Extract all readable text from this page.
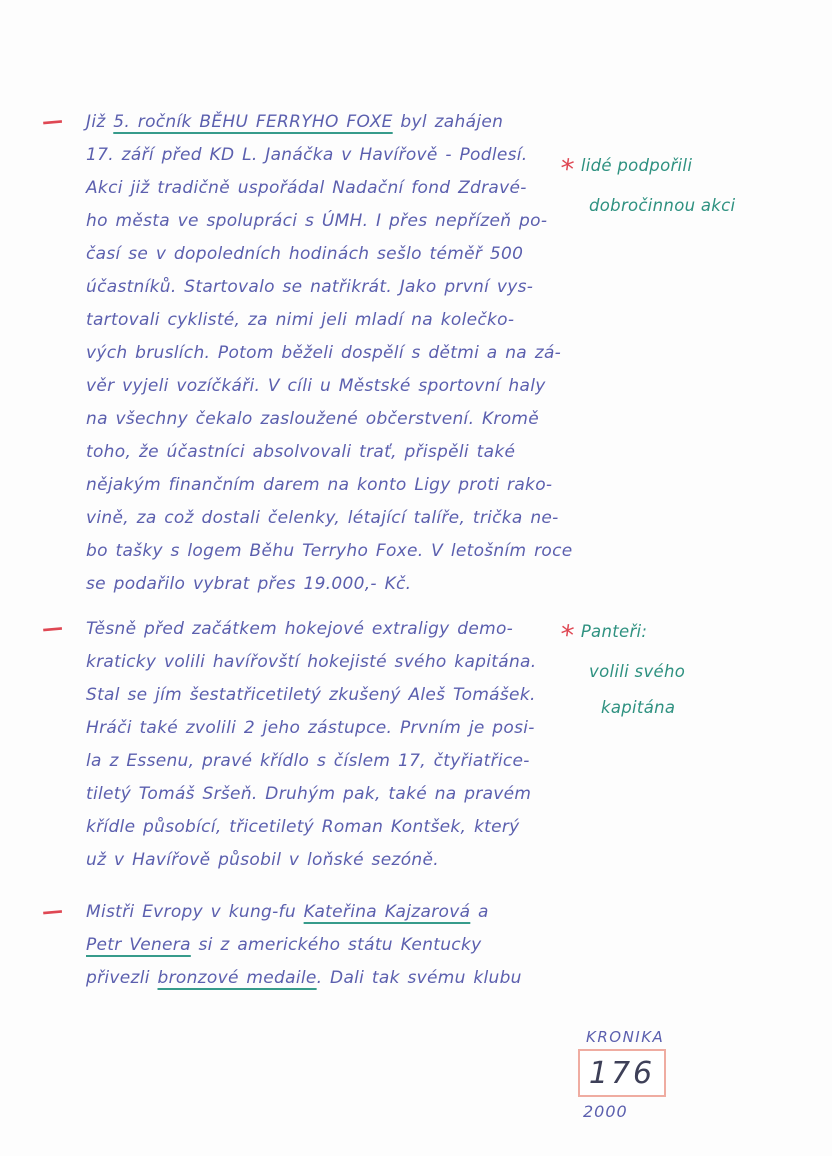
— Již 5. ročník BĚHU FERRYHO FOXE byl zahájen
17. září před KD L. Janáčka v Havířově - Podlesí.
Akci již tradičně uspořádal Nadační fond Zdravé-
ho města ve spolupráci s ÚMH. I přes nepřízeň po-
časí se v dopoledních hodinách sešlo téměř 500
účastníků. Startovalo se natřikrát. Jako první vys-
tartovali cyklisté, za nimi jeli mladí na kolečko-
vých bruslích. Potom běželi dospělí s dětmi a na zá-
věr vyjeli vozíčkáři. V cíli u Městské sportovní haly
na všechny čekalo zasloužené občerstvení. Kromě
toho, že účastníci absolvovali trať, přispěli také
nějakým finančním darem na konto Ligy proti rako-
vině, za což dostali čelenky, létající talíře, trička ne-
bo tašky s logem Běhu Terryho Foxe. V letošním roce
se podařilo vybrat přes 19.000,- Kč.
— Těsně před začátkem hokejové extraligy demo-
kraticky volili havířovští hokejisté svého kapitána.
Stal se jím šestatřicetiletý zkušený Aleš Tomášek.
Hráči také zvolili 2 jeho zástupce. Prvním je posi-
la z Essenu, pravé křídlo s číslem 17, čtyřiatřice-
tiletý Tomáš Sršeň. Druhým pak, také na pravém
křídle působící, třicetiletý Roman Kontšek, který
už v Havířově působil v loňské sezóně.
— Mistři Evropy v kung-fu Kateřina Kajzarová a
Petr Venera si z amerického státu Kentucky
přivezli bronzové medaile. Dali tak svému klubu
* lidé podpořili
dobročinnou akci
* Panteři:
volili svého
kapitána
KRONIKA
176
2000
